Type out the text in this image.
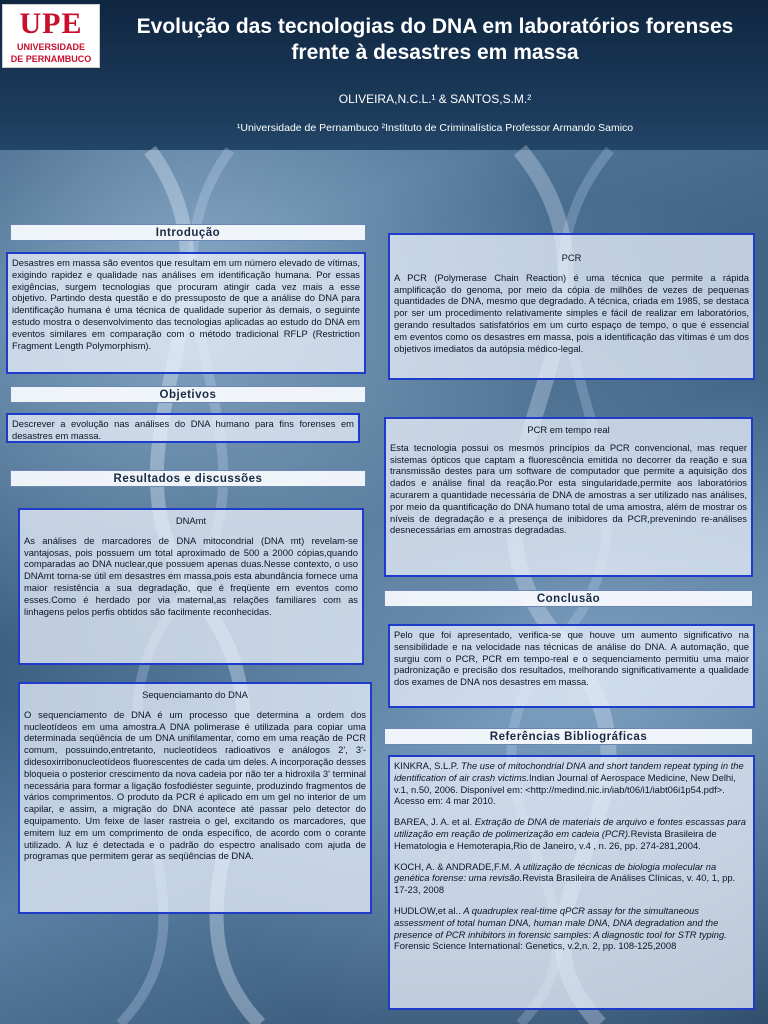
UPE
UNIVERSIDADE
DE PERNAMBUCO
Evolução das tecnologias do DNA em laboratórios forenses frente à desastres em massa
OLIVEIRA,N.C.L.¹ & SANTOS,S.M.²
¹Universidade de Pernambuco ²Instituto de Criminalística Professor Armando Samico
Introdução
Desastres em massa são eventos que resultam em um número elevado de vítimas, exigindo rapidez e qualidade nas análises em identificação humana. Por essas exigências, surgem tecnologias que procuram atingir cada vez mais a esse objetivo. Partindo desta questão e do pressuposto de que a análise do DNA para identificação humana é uma técnica de qualidade superior às demais, o seguinte estudo mostra o desenvolvimento das tecnologias aplicadas ao estudo do DNA em eventos similares em comparação com o método tradicional RFLP (Restriction Fragment Length Polymorphism).
Objetivos
Descrever a evolução nas análises do DNA humano para fins forenses em desastres em massa.
Resultados e discussões
DNAmt
As análises de marcadores de DNA mitocondrial (DNA mt) revelam-se vantajosas, pois possuem um total aproximado de 500 a 2000 cópias,quando comparadas ao DNA nuclear,que possuem apenas duas.Nesse contexto, o uso DNAmt torna-se útil em desastres em massa,pois esta abundância fornece uma maior resistência a sua degradação, que é freqüente em eventos como esses.Como é herdado por via maternal,as relações familiares com as linhagens pelos perfis obtidos são facilmente reconhecidas.
Sequenciamanto do DNA
O sequenciamento de DNA é um processo que determina a ordem dos nucleotídeos em uma amostra.A DNA polimerase é utilizada para copiar uma determinada seqüência de um DNA unifilamentar, como em uma reação de PCR comum, possuindo,entretanto, nucleotídeos radioativos e análogos 2', 3'-didesoxirribonucleotídeos fluorescentes de cada um deles. A incorporação desses bloqueia o posterior crescimento da nova cadeia por não ter a hidroxila 3' terminal necessária para formar a ligação fosfodiéster seguinte, produzindo fragmentos de vários comprimentos. O produto da PCR é aplicado em um gel no interior de um capilar, e assim, a migração do DNA acontece até passar pelo detector do equipamento. Um feixe de laser rastreia o gel, excitando os marcadores, que emitem luz em um comprimento de onda específico, de acordo com o corante utilizado. A luz é detectada e o padrão do espectro analisado com ajuda de programas que permitem gerar as seqüências de DNA.
PCR
A PCR (Polymerase Chain Reaction) é uma técnica que permite a rápida amplificação do genoma, por meio da cópia de milhões de vezes de pequenas quantidades de DNA, mesmo que degradado. A técnica, criada em 1985, se destaca por ser um procedimento relativamente simples e fácil de realizar em laboratórios, gerando resultados satisfatórios em um curto espaço de tempo, o que é essencial em eventos como os desastres em massa, pois a identificação das vítimas é um dos objetivos imediatos da autópsia médico-legal.
PCR em tempo real
Esta tecnologia possui os mesmos princípios da PCR convencional, mas requer sistemas ópticos que captam a fluorescência emitida no decorrer da reação e sua transmissão destes para um software de computador que permite a aquisição dos dados e análise final da reação.Por esta singularidade,permite aos laboratórios acurarem a quantidade necessária de DNA de amostras a ser utilizado nas análises, por meio da quantificação do DNA humano total de uma amostra, além de mostrar os níveis de degradação e a presença de inibidores da PCR,prevenindo re-análises desnecessárias em amostras degradadas.
Conclusão
Pelo que foi apresentado, verifica-se que houve um aumento significativo na sensibilidade e na velocidade nas técnicas de análise do DNA. A automação, que surgiu com o PCR, PCR em tempo-real e o sequenciamento permitiu uma maior padronização e precisão dos resultados, melhorando significativamente a qualidade dos exames de DNA nos desastres em massa.
Referências Bibliográficas

KINKRA, S.L.P. The use of mitochondrial DNA and short tandem repeat typing in the identification of air crash victims.Indian Journal of Aerospace Medicine, New Delhi, v.1, n.50, 2006. Disponível em: <http://medind.nic.in/iab/t06/i1/iabt06i1p54.pdf>. Acesso em: 4 mar 2010.

BAREA, J. A. et al. Extração de DNA de materiais de arquivo e fontes escassas para utilização em reação de polimerização em cadeia (PCR).Revista Brasileira de Hematologia e Hemoterapia,Rio de Janeiro, v.4 , n. 26, pp. 274-281,2004.

KOCH, A. & ANDRADE,F.M. A utilização de técnicas de biologia molecular na genética forense: uma revisão.Revista Brasileira de Análises Clínicas, v. 40, 1, pp. 17-23, 2008

HUDLOW,et al.. A quadruplex real-time qPCR assay for the simultaneous assessment of total human DNA, human male DNA, DNA degradation and the presence of PCR inhibitors in forensic samples: A diagnostic tool for STR typing. Forensic Science International: Genetics, v.2,n. 2, pp. 108-125,2008
